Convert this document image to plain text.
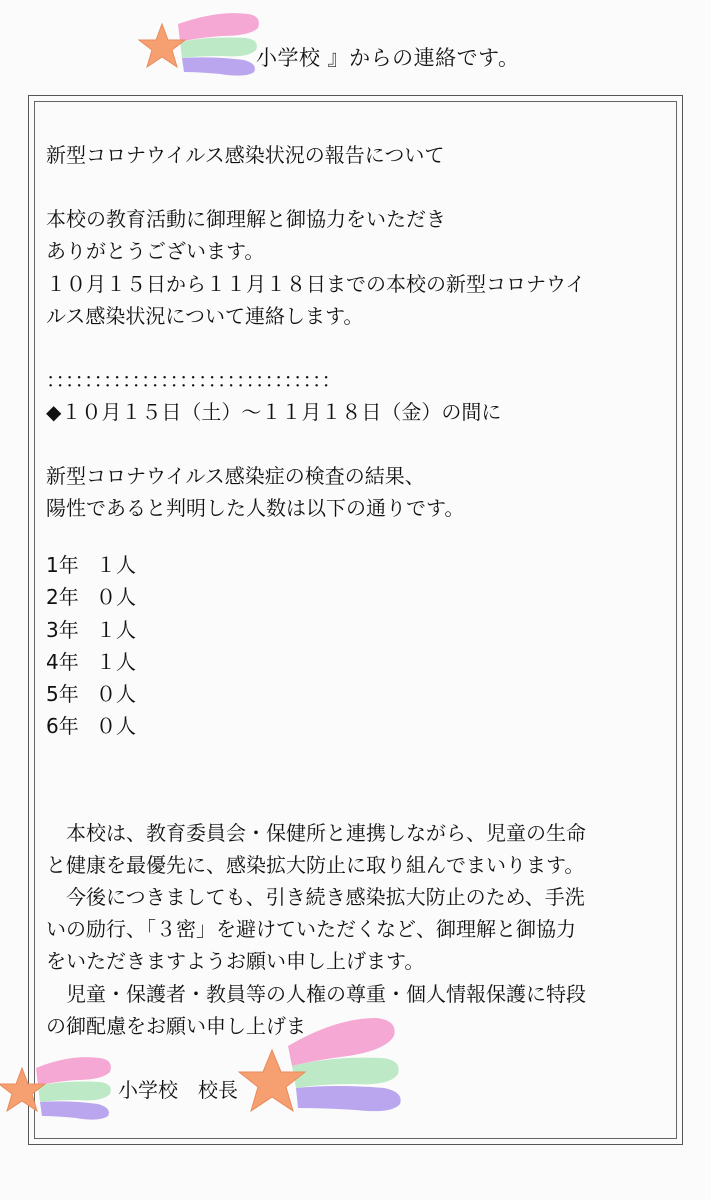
小学校 』からの連絡です。
新型コロナウイルス感染状況の報告について
本校の教育活動に御理解と御協力をいただき
ありがとうございます。
１０月１５日から１１月１８日までの本校の新型コロナウイ
ルス感染状況について連絡します。
：：：：：：：：：：：：：：：：：：：：：：：：：：：：：：
◆１０月１５日（土）～１１月１８日（金）の間に
新型コロナウイルス感染症の検査の結果、
陽性であると判明した人数は以下の通りです。
1年 １人
2年 ０人
3年 １人
4年 １人
5年 ０人
6年 ０人
　本校は、教育委員会・保健所と連携しながら、児童の生命
と健康を最優先に、感染拡大防止に取り組んでまいります。
　今後につきましても、引き続き感染拡大防止のため、手洗
いの励行、「３密」を避けていただくなど、御理解と御協力
をいただきますようお願い申し上げます。
　児童・保護者・教員等の人権の尊重・個人情報保護に特段
の御配慮をお願い申し上げま
小学校　校長
